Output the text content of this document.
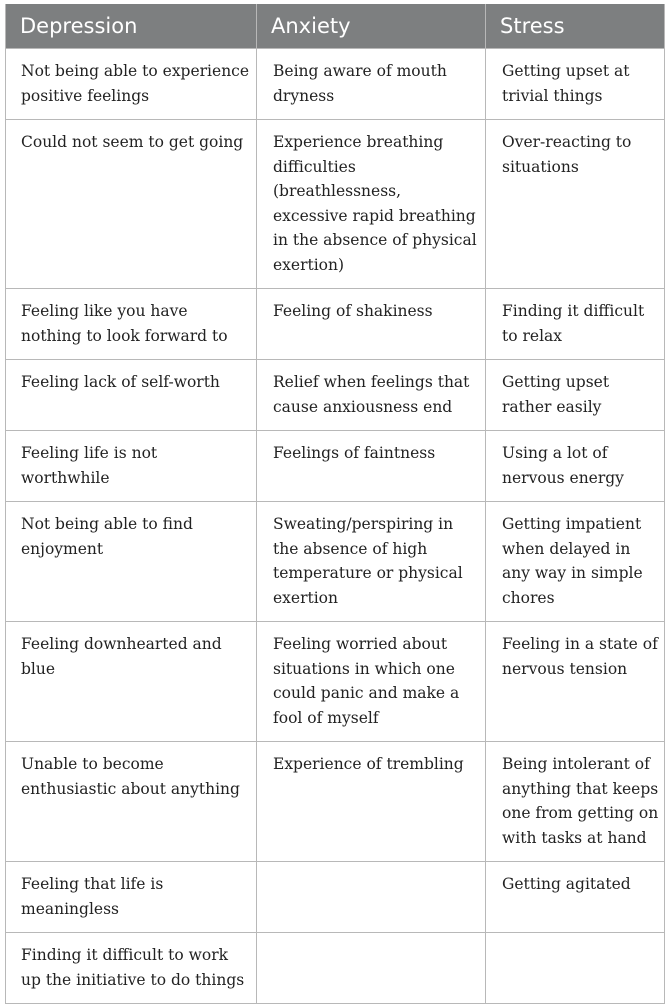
Depression	Anxiety	Stress
Not being able to experience positive feelings	Being aware of mouth dryness	Getting upset at trivial things
Could not seem to get going	Experience breathing difficulties (breathlessness, excessive rapid breathing in the absence of physical exertion)	Over-reacting to situations
Feeling like you have nothing to look forward to	Feeling of shakiness	Finding it difficult to relax
Feeling lack of self-worth	Relief when feelings that cause anxiousness end	Getting upset rather easily
Feeling life is not worthwhile	Feelings of faintness	Using a lot of nervous energy
Not being able to find enjoyment	Sweating/perspiring in the absence of high temperature or physical exertion	Getting impatient when delayed in any way in simple chores
Feeling downhearted and blue	Feeling worried about situations in which one could panic and make a fool of myself	Feeling in a state of nervous tension
Unable to become enthusiastic about anything	Experience of trembling	Being intolerant of anything that keeps one from getting on with tasks at hand
Feeling that life is meaningless		Getting agitated
Finding it difficult to work up the initiative to do things		
